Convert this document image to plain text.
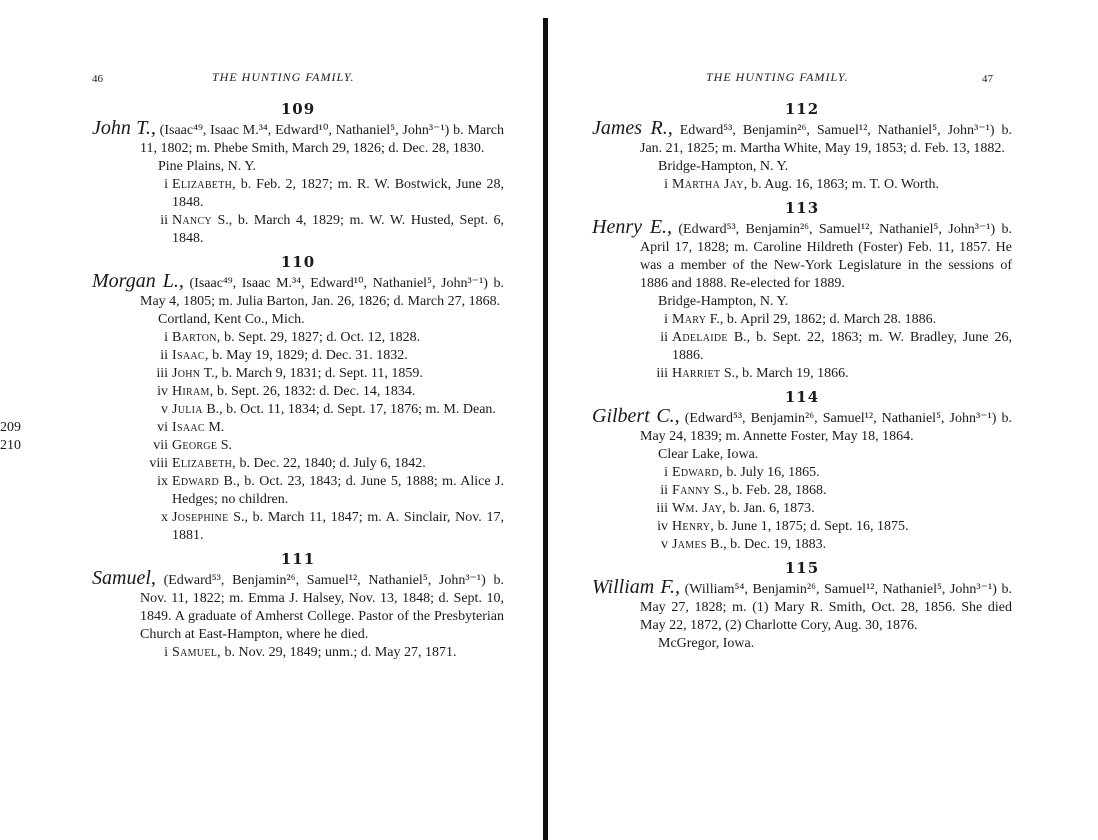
46	THE HUNTING FAMILY.
109

John T., (Isaac⁴⁹, Isaac M.³⁴, Edward¹⁰, Nathaniel⁵, John³⁻¹) b. March 11, 1802; m. Phebe Smith, March 29, 1826; d. Dec. 28, 1830.

Pine Plains, N. Y.

i Elizabeth, b. Feb. 2, 1827; m. R. W. Bostwick, June 28, 1848.

ii Nancy S., b. March 4, 1829; m. W. W. Husted, Sept. 6, 1848.

110

Morgan L., (Isaac⁴⁹, Isaac M.³⁴, Edward¹⁰, Nathaniel⁵, John³⁻¹) b. May 4, 1805; m. Julia Barton, Jan. 26, 1826; d. March 27, 1868.

Cortland, Kent Co., Mich.

i Barton, b. Sept. 29, 1827; d. Oct. 12, 1828.

ii Isaac, b. May 19, 1829; d. Dec. 31. 1832.

iii John T., b. March 9, 1831; d. Sept. 11, 1859.

iv Hiram, b. Sept. 26, 1832: d. Dec. 14, 1834.

v Julia B., b. Oct. 11, 1834; d. Sept. 17, 1876; m. M. Dean.

209	vi Isaac M.

210	vii George S.

viii Elizabeth, b. Dec. 22, 1840; d. July 6, 1842.

ix Edward B., b. Oct. 23, 1843; d. June 5, 1888; m. Alice J. Hedges; no children.

x Josephine S., b. March 11, 1847; m. A. Sinclair, Nov. 17, 1881.

111

Samuel, (Edward⁵³, Benjamin²⁶, Samuel¹², Nathaniel⁵, John³⁻¹) b. Nov. 11, 1822; m. Emma J. Halsey, Nov. 13, 1848; d. Sept. 10, 1849. A graduate of Amherst College. Pastor of the Presbyterian Church at East-Hampton, where he died.

i Samuel, b. Nov. 29, 1849; unm.; d. May 27, 1871.

THE HUNTING FAMILY.	47
112

James R., Edward⁵³, Benjamin²⁶, Samuel¹², Nathaniel⁵, John³⁻¹) b. Jan. 21, 1825; m. Martha White, May 19, 1853; d. Feb. 13, 1882.

Bridge-Hampton, N. Y.

i Martha Jay, b. Aug. 16, 1863; m. T. O. Worth.

113

Henry E., (Edward⁵³, Benjamin²⁶, Samuel¹², Nathaniel⁵, John³⁻¹) b. April 17, 1828; m. Caroline Hildreth (Foster) Feb. 11, 1857. He was a member of the New-York Legislature in the sessions of 1886 and 1888. Re-elected for 1889.

Bridge-Hampton, N. Y.

i Mary F., b. April 29, 1862; d. March 28. 1886.

ii Adelaide B., b. Sept. 22, 1863; m. W. Bradley, June 26, 1886.

iii Harriet S., b. March 19, 1866.

114

Gilbert C., (Edward⁵³, Benjamin²⁶, Samuel¹², Nathaniel⁵, John³⁻¹) b. May 24, 1839; m. Annette Foster, May 18, 1864.

Clear Lake, Iowa.

i Edward, b. July 16, 1865.

ii Fanny S., b. Feb. 28, 1868.

iii Wm. Jay, b. Jan. 6, 1873.

iv Henry, b. June 1, 1875; d. Sept. 16, 1875.

v James B., b. Dec. 19, 1883.

115

William F., (William⁵⁴, Benjamin²⁶, Samuel¹², Nathaniel⁵, John³⁻¹) b. May 27, 1828; m. (1) Mary R. Smith, Oct. 28, 1856. She died May 22, 1872, (2) Charlotte Cory, Aug. 30, 1876.

McGregor, Iowa.
